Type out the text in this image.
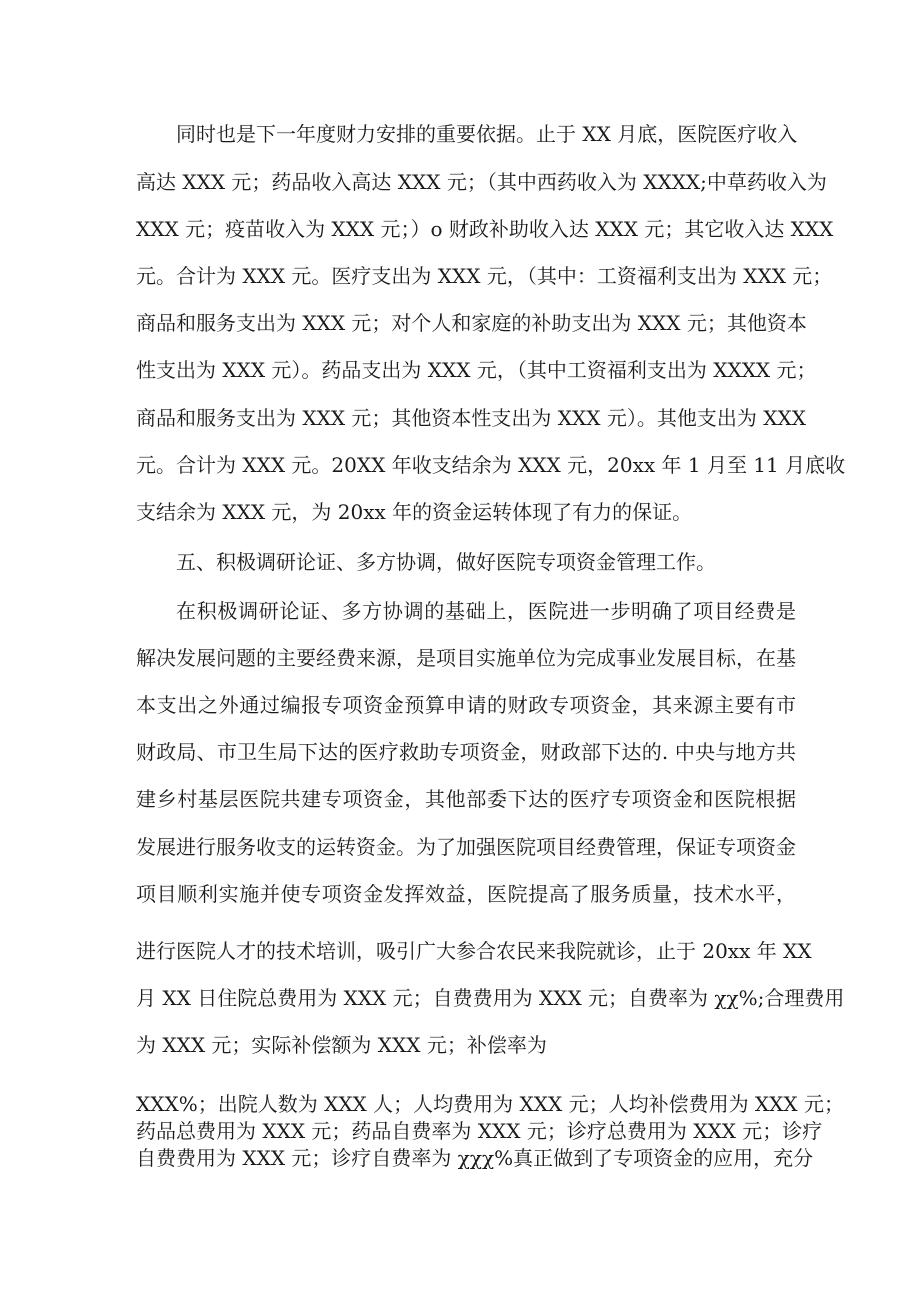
同时也是下一年度财力安排的重要依据。止于 XX 月底，医院医疗收入
高达 XXX 元；药品收入高达 XXX 元；（其中西药收入为 XXXX;中草药收入为
XXX 元；疫苗收入为 XXX 元；）o 财政补助收入达 XXX 元；其它收入达 XXX
元。合计为 XXX 元。医疗支出为 XXX 元，（其中：工资福利支出为 XXX 元；
商品和服务支出为 XXX 元；对个人和家庭的补助支出为 XXX 元；其他资本
性支出为 XXX 元）。药品支出为 XXX 元，（其中工资福利支出为 XXXX 元；
商品和服务支出为 XXX 元；其他资本性支出为 XXX 元）。其他支出为 XXX
元。合计为 XXX 元。20XX 年收支结余为 XXX 元，20xx 年 1 月至 11 月底收
支结余为 XXX 元，为 20xx 年的资金运转体现了有力的保证。
五、积极调研论证、多方协调，做好医院专项资金管理工作。
在积极调研论证、多方协调的基础上，医院进一步明确了项目经费是
解决发展问题的主要经费来源，是项目实施单位为完成事业发展目标，在基
本支出之外通过编报专项资金预算申请的财政专项资金，其来源主要有市
财政局、市卫生局下达的医疗救助专项资金，财政部下达的. 中央与地方共
建乡村基层医院共建专项资金，其他部委下达的医疗专项资金和医院根据
发展进行服务收支的运转资金。为了加强医院项目经费管理，保证专项资金
项目顺利实施并使专项资金发挥效益，医院提高了服务质量，技术水平，
进行医院人才的技术培训，吸引广大参合农民来我院就诊，止于 20xx 年 XX
月 XX 日住院总费用为 XXX 元；自费费用为 XXX 元；自费率为 χχ%;合理费用
为 XXX 元；实际补偿额为 XXX 元；补偿率为
XXX%；出院人数为 XXX 人；人均费用为 XXX 元；人均补偿费用为 XXX 元；
药品总费用为 XXX 元；药品自费率为 XXX 元；诊疗总费用为 XXX 元；诊疗
自费费用为 XXX 元；诊疗自费率为 χχχ%真正做到了专项资金的应用，充分
